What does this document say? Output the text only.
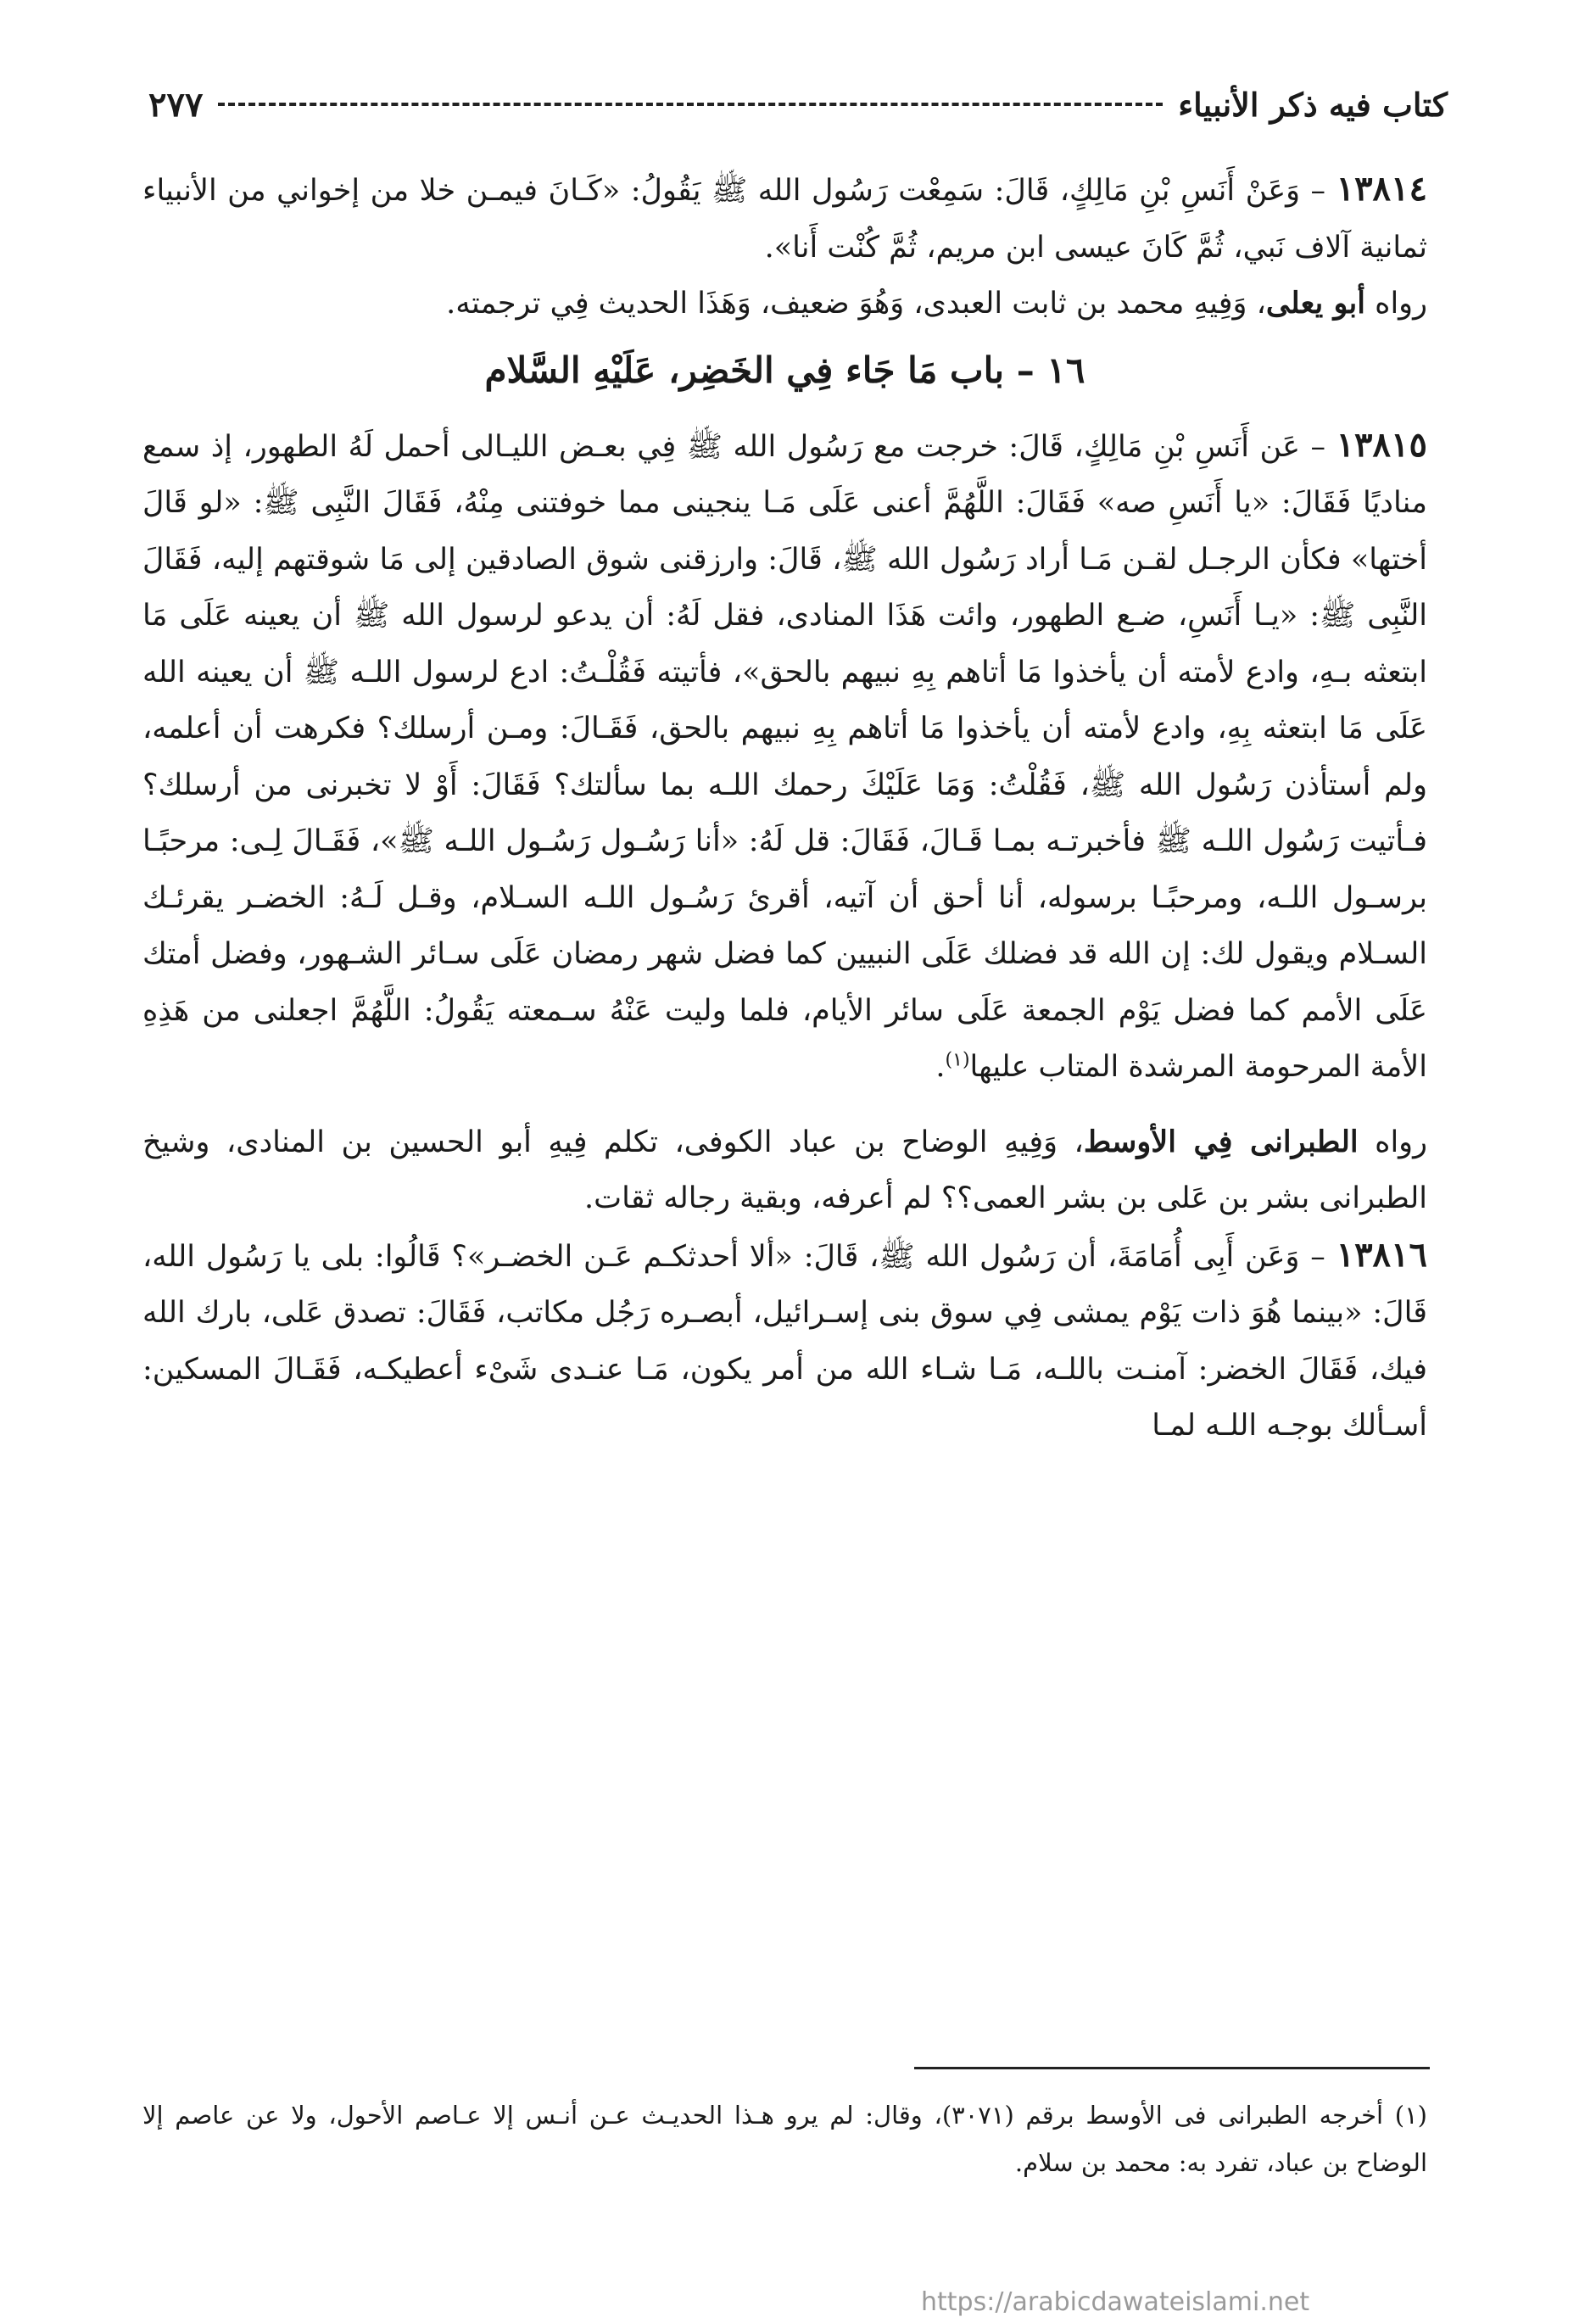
كتاب فيه ذكر الأنبياء
٢٧٧

١٣٨١٤ – وَعَنْ أَنَسِ بْنِ مَالِكٍ، قَالَ: سَمِعْت رَسُول الله ﷺ يَقُولُ: «كَـانَ فيمـن خلا من إخواني من الأنبياء ثمانية آلاف نَبي، ثُمَّ كَانَ عيسى ابن مريم، ثُمَّ كُنْت أَنا».

رواه أبو يعلى، وَفِيهِ محمد بن ثابت العبدى، وَهُوَ ضعيف، وَهَذَا الحديث فِي ترجمته.

١٦ – باب مَا جَاء فِي الخَضِر، عَلَيْهِ السَّلام

١٣٨١٥ – عَن أَنَسِ بْنِ مَالِكٍ، قَالَ: خرجت مع رَسُول الله ﷺ فِي بعـض الليـالى أحمل لَهُ الطهور، إذ سمع مناديًا فَقَالَ: «يا أَنَسِ صه» فَقَالَ: اللَّهُمَّ أعنى عَلَى مَـا ينجينى مما خوفتنى مِنْهُ، فَقَالَ النَّبِى ﷺ: «لو قَالَ أختها» فكأن الرجـل لقـن مَـا أراد رَسُول الله ﷺ، قَالَ: وارزقنى شوق الصادقين إلى مَا شوقتهم إليه، فَقَالَ النَّبِى ﷺ: «يـا أَنَسِ، ضـع الطهور، وائت هَذَا المنادى، فقل لَهُ: أن يدعو لرسول الله ﷺ أن يعينه عَلَى مَا ابتعثه بـهِ، وادع لأمته أن يأخذوا مَا أتاهم بِهِ نبيهم بالحق»، فأتيته فَقُلْـتُ: ادع لرسول اللـه ﷺ أن يعينه الله عَلَى مَا ابتعثه بِهِ، وادع لأمته أن يأخذوا مَا أتاهم بِهِ نبيهم بالحق، فَقَـالَ: ومـن أرسلك؟ فكرهت أن أعلمه، ولم أستأذن رَسُول الله ﷺ، فَقُلْتُ: وَمَا عَلَيْكَ رحمك اللـه بما سألتك؟ فَقَالَ: أَوْ لا تخبرنى من أرسلك؟ فـأتيت رَسُول اللـه ﷺ فأخبرتـه بمـا قَـالَ، فَقَالَ: قل لَهُ: «أنا رَسُـول رَسُـول اللـه ﷺ»، فَقَـالَ لِـى: مرحبًـا برسـول اللـه، ومرحبًـا برسوله، أنا أحق أن آتيه، أقرئ رَسُـول اللـه السـلام، وقـل لَـهُ: الخضـر يقرئـك السـلام ويقول لك: إن الله قد فضلك عَلَى النبيين كما فضل شهر رمضان عَلَى سـائر الشـهور، وفضل أمتك عَلَى الأمم كما فضل يَوْم الجمعة عَلَى سائر الأيام، فلما وليت عَنْهُ سـمعته يَقُولُ: اللَّهُمَّ اجعلنى من هَذِهِ الأمة المرحومة المرشدة المتاب عليها$^{(١)}$.

رواه الطبرانى فِي الأوسط، وَفِيهِ الوضاح بن عباد الكوفى، تكلم فِيهِ أبو الحسين بن المنادى، وشيخ الطبرانى بشر بن عَلى بن بشر العمى؟؟ لم أعرفه، وبقية رجاله ثقات.

١٣٨١٦ – وَعَن أَبِى أُمَامَةَ، أن رَسُول الله ﷺ، قَالَ: «ألا أحدثكـم عَـن الخضـر»؟ قَالُوا: بلى يا رَسُول الله، قَالَ: «بينما هُوَ ذات يَوْم يمشى فِي سوق بنى إسـرائيل، أبصـره رَجُل مكاتب، فَقَالَ: تصدق عَلى، بارك الله فيك، فَقَالَ الخضر: آمنـت باللـه، مَـا شـاء الله من أمر يكون، مَـا عنـدى شَىْء أعطيكـه، فَقَـالَ المسكين: أسـألك بوجـه اللـه لمـا

(١) أخرجه الطبرانى فى الأوسط برقم (٣٠٧١)، وقال: لم يرو هـذا الحديـث عـن أنـس إلا عـاصم الأحول، ولا عن عاصم إلا الوضاح بن عباد، تفرد به: محمد بن سلام.

https://arabicdawateislami.net
